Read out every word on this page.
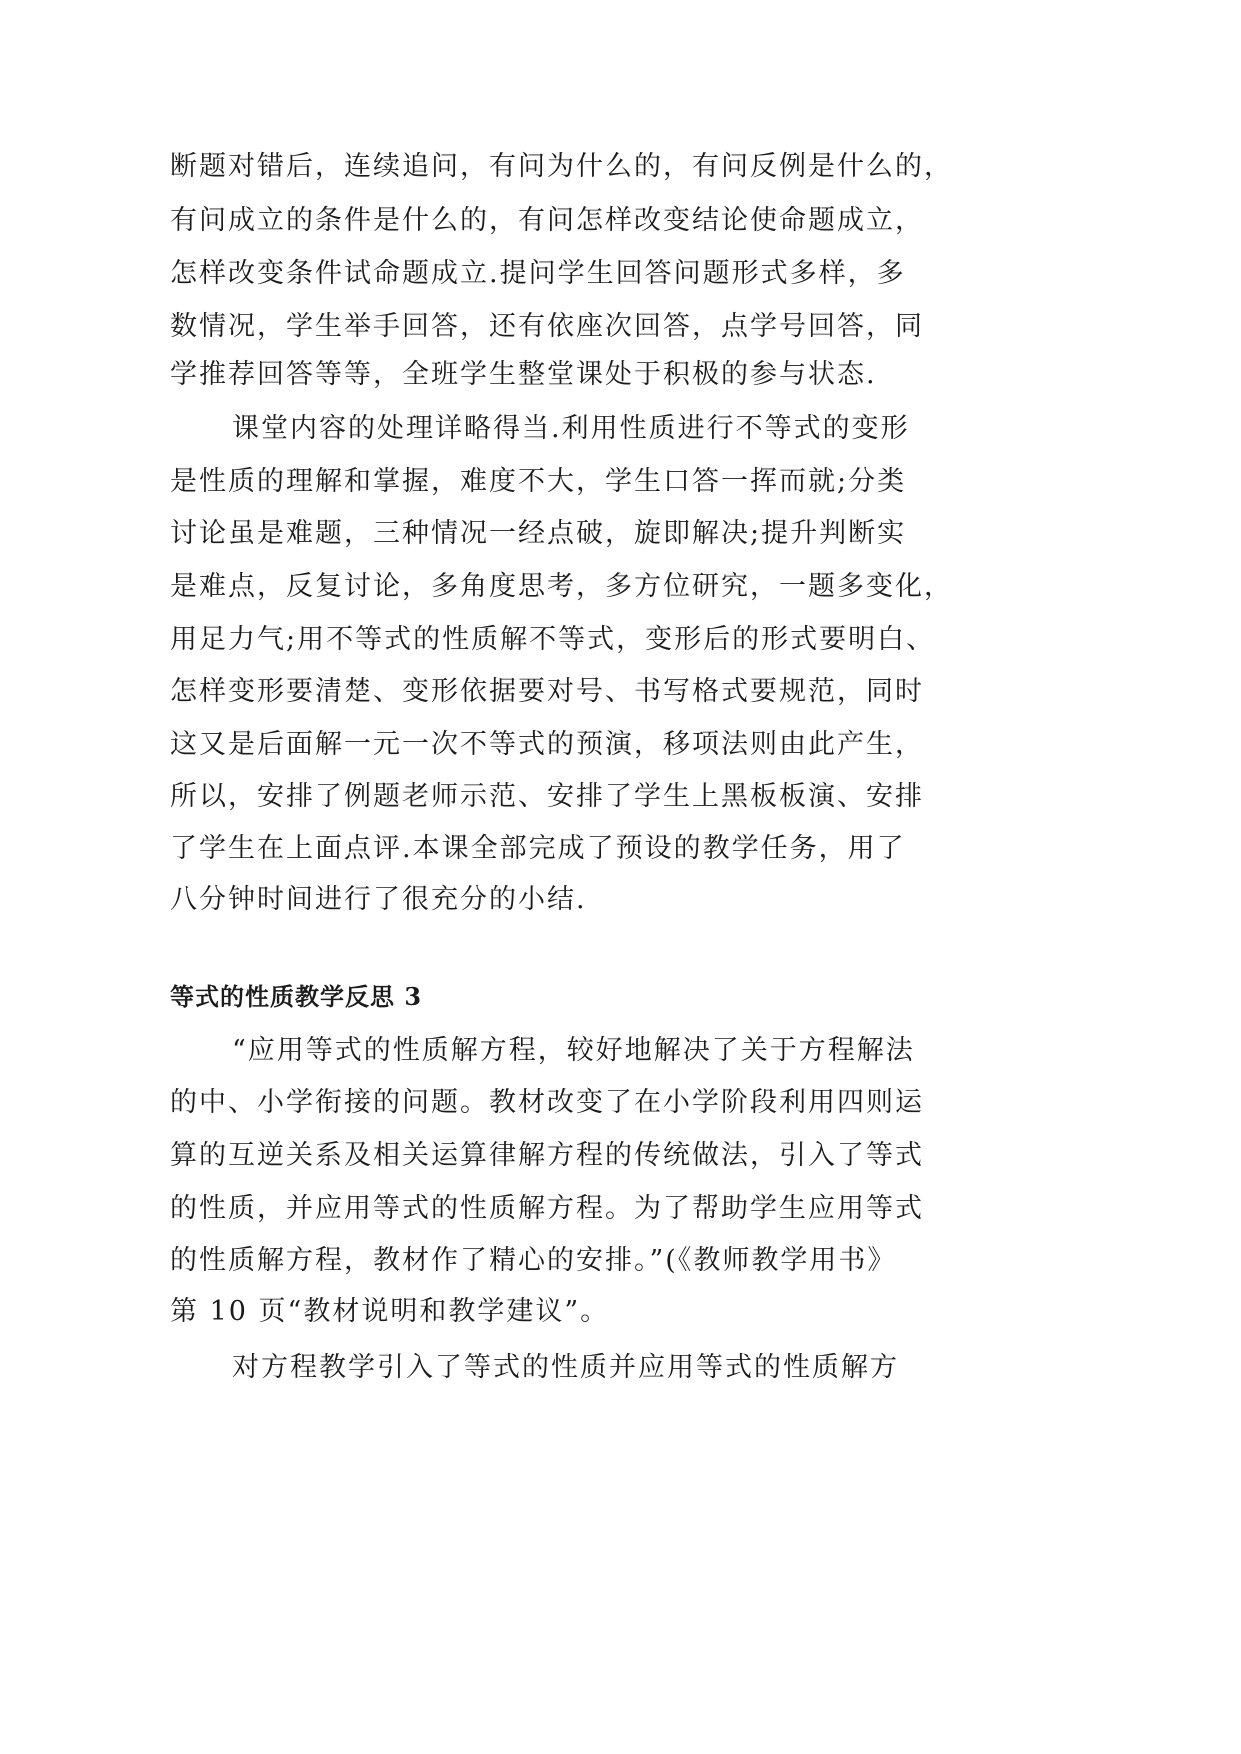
断题对错后，连续追问，有问为什么的，有问反例是什么的，

有问成立的条件是什么的，有问怎样改变结论使命题成立，

怎样改变条件试命题成立.提问学生回答问题形式多样，多

数情况，学生举手回答，还有依座次回答，点学号回答，同

学推荐回答等等，全班学生整堂课处于积极的参与状态.

课堂内容的处理详略得当.利用性质进行不等式的变形

是性质的理解和掌握，难度不大，学生口答一挥而就;分类

讨论虽是难题，三种情况一经点破，旋即解决;提升判断实

是难点，反复讨论，多角度思考，多方位研究，一题多变化，

用足力气;用不等式的性质解不等式，变形后的形式要明白、

怎样变形要清楚、变形依据要对号、书写格式要规范，同时

这又是后面解一元一次不等式的预演，移项法则由此产生，

所以，安排了例题老师示范、安排了学生上黑板板演、安排

了学生在上面点评.本课全部完成了预设的教学任务，用了

八分钟时间进行了很充分的小结.

等式的性质教学反思 3

“应用等式的性质解方程，较好地解决了关于方程解法

的中、小学衔接的问题。教材改变了在小学阶段利用四则运

算的互逆关系及相关运算律解方程的传统做法，引入了等式

的性质，并应用等式的性质解方程。为了帮助学生应用等式

的性质解方程，教材作了精心的安排。”(《教师教学用书》

第 10 页“教材说明和教学建议”。

对方程教学引入了等式的性质并应用等式的性质解方
